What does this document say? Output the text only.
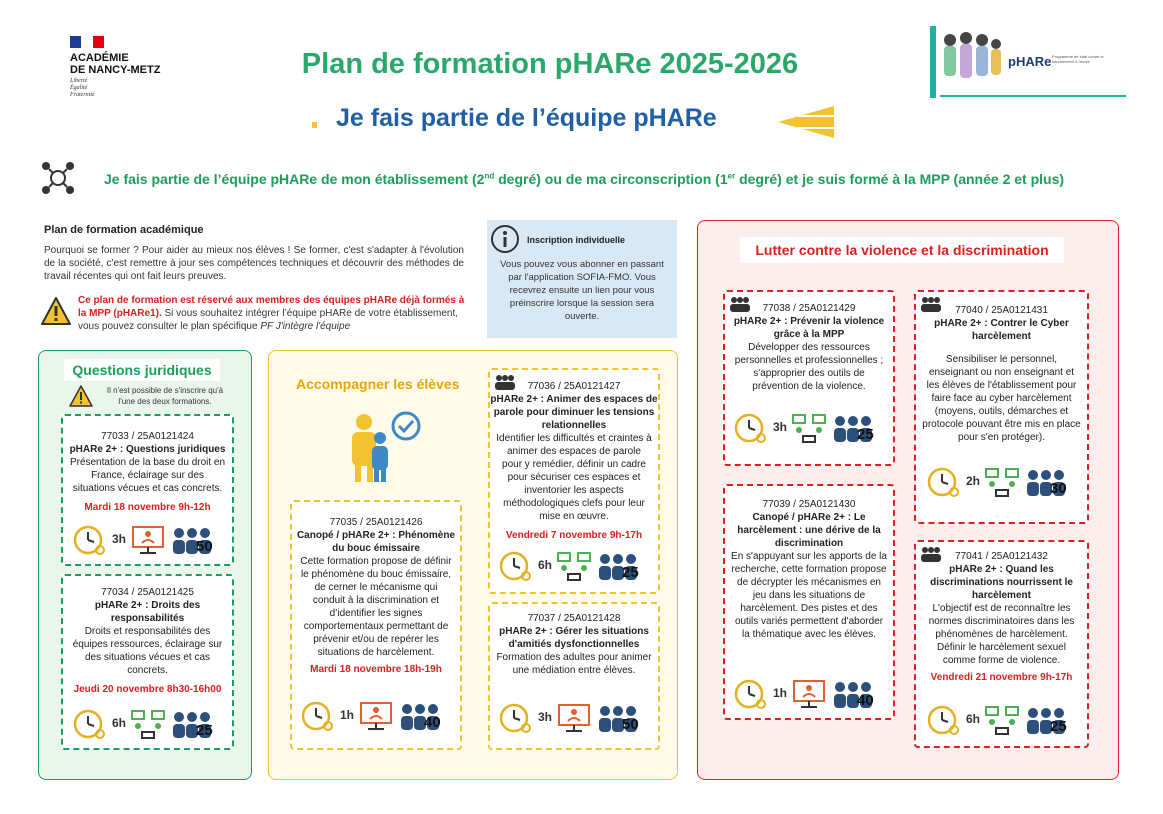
ACADÉMIE
DE NANCY-METZ
Liberté
Égalité
Fraternité
Plan de formation pHARe 2025-2026
Je fais partie de l’équipe pHARe
pHARe Programme de lutte contre le harcèlement à l'école
Je fais partie de l’équipe pHARe de mon établissement (2nd degré) ou de ma circonscription (1er degré) et je suis formé à la MPP (année 2 et plus)
Plan de formation académique
Pourquoi se former ? Pour aider au mieux nos élèves ! Se former, c'est s'adapter à l'évolution de la société, c'est remettre à jour ses compétences techniques et découvrir des méthodes de travail récentes qui ont fait leurs preuves.
Ce plan de formation est réservé aux membres des équipes pHARe déjà formés à la MPP (pHARe1). Si vous souhaitez intégrer l’équipe pHARe de votre établissement, vous pouvez consulter le plan spécifique PF J'intègre l'équipe
Inscription individuelle
Vous pouvez vous abonner en passant par l'application SOFIA-FMO. Vous recevrez ensuite un lien pour vous préinscrire lorsque la session sera ouverte.
Questions juridiques
Il n'est possible de s'inscrire qu'à l'une des deux formations.
77033 / 25A0121424
pHARe 2+ : Questions juridiques
Présentation de la base du droit en France, éclairage sur des situations vécues et cas concrets.
Mardi 18 novembre 9h-12h
3h	50
77034 / 25A0121425
pHARe 2+ : Droits des responsabilités
Droits et responsabilités des équipes ressources, éclairage sur des situations vécues et cas concrets.
Jeudi 20 novembre 8h30-16h00
6h	25
Accompagner les élèves
77035 / 25A0121426
Canopé / pHARe 2+ : Phénomène du bouc émissaire
Cette formation propose de définir le phénomène du bouc émissaire, de cerner le mécanisme qui conduit à la discrimination et d’identifier les signes comportementaux permettant de prévenir et/ou de repérer les situations de harcèlement.
Mardi 18 novembre 18h-19h
1h	40
77036 / 25A0121427
pHARe 2+ : Animer des espaces de parole pour diminuer les tensions relationnelles
Identifier les difficultés et craintes à animer des espaces de parole pour y remédier, définir un cadre pour sécuriser ces espaces et inventorier les aspects méthodologiques clefs pour leur mise en œuvre.
Vendredi 7 novembre 9h-17h
6h	25
77037 / 25A0121428
pHARe 2+ : Gérer les situations d'amitiés dysfonctionnelles
Formation des adultes pour animer une médiation entre élèves.
3h	50
Lutter contre la violence et la discrimination
77038 / 25A0121429
pHARe 2+ : Prévenir la violence grâce à la MPP
Développer des ressources personnelles et professionnelles ; s'approprier des outils de prévention de la violence.
3h	25
77040 / 25A0121431
pHARe 2+ : Contrer le Cyber harcèlement
Sensibiliser le personnel, enseignant ou non enseignant et les élèves de l'établissement pour faire face au cyber harcèlement (moyens, outils, démarches et protocole pouvant être mis en place pour s'en protéger).
2h	30
77039 / 25A0121430
Canopé / pHARe 2+ : Le harcèlement : une dérive de la discrimination
En s'appuyant sur les apports de la recherche, cette formation propose de décrypter les mécanismes en jeu dans les situations de harcèlement. Des pistes et des outils variés permettent d'aborder la thématique avec les élèves.
1h	40
77041 / 25A0121432
pHARe 2+ : Quand les discriminations nourrissent le harcèlement
L'objectif est de reconnaître les normes discriminatoires dans les phénomènes de harcèlement. Définir le harcèlement sexuel comme forme de violence.
Vendredi 21 novembre 9h-17h
6h	25
